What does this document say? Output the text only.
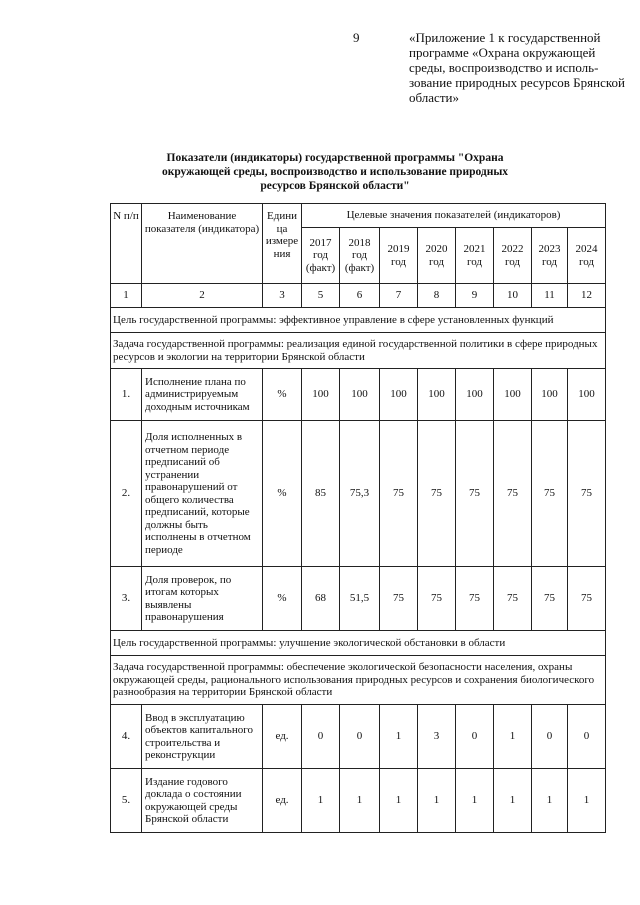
9	«Приложение 1 к государственной программе «Охрана окружающей среды, воспроизводство и исполь-зование природных ресурсов Брянской области»
Показатели (индикаторы) государственной программы "Охрана окружающей среды, воспроизводство и использование природных ресурсов Брянской области"
N п/п	Наименование показателя (индикатора)	Едини ца измере ния	Целевые значения показателей (индикаторов)							
			2017 год (факт)	2018 год (факт)	2019 год	2020 год	2021 год	2022 год	2023 год	2024 год
1	2	3	5	6	7	8	9	10	11	12
Цель государственной программы: эффективное управление в сфере установленных функций										
Задача государственной программы: реализация единой государственной политики в сфере природных ресурсов и экологии на территории Брянской области										
1.	Исполнение плана по администрируемым доходным источникам	%	100	100	100	100	100	100	100	100
2.	Доля исполненных в отчетном периоде предписаний об устранении правонарушений от общего количества предписаний, которые должны быть исполнены в отчетном периоде	%	85	75,3	75	75	75	75	75	75
3.	Доля проверок, по итогам которых выявлены правонарушения	%	68	51,5	75	75	75	75	75	75
Цель государственной программы: улучшение экологической обстановки в области										
Задача государственной программы: обеспечение экологической безопасности населения, охраны окружающей среды, рационального использования природных ресурсов и сохранения биологического разнообразия на территории Брянской области										
4.	Ввод в эксплуатацию объектов капитального строительства и реконструкции	ед.	0	0	1	3	0	1	0	0
5.	Издание годового доклада о состоянии окружающей среды Брянской области	ед.	1	1	1	1	1	1	1	1
